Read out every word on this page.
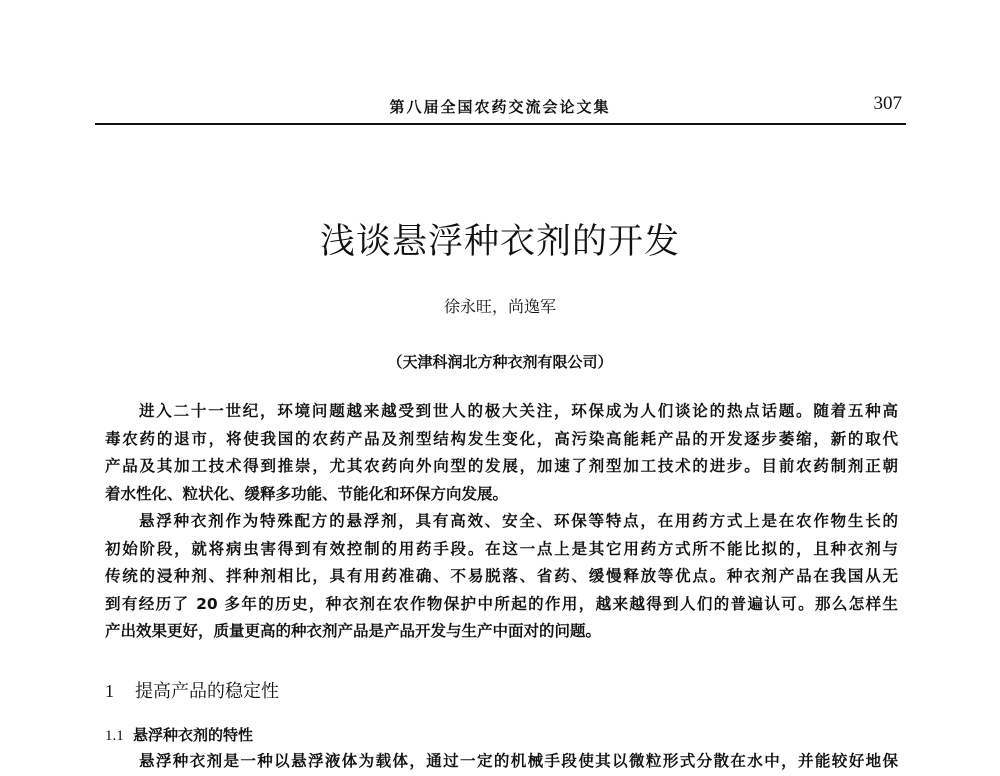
第八届全国农药交流会论文集	307
浅谈悬浮种衣剂的开发
徐永旺，尚逸军
（天津科润北方种衣剂有限公司）
进入二十一世纪，环境问题越来越受到世人的极大关注，环保成为人们谈论的热点话题。随着五种高
毒农药的退市，将使我国的农药产品及剂型结构发生变化，高污染高能耗产品的开发逐步萎缩，新的取代
产品及其加工技术得到推崇，尤其农药向外向型的发展，加速了剂型加工技术的进步。目前农药制剂正朝
着水性化、粒状化、缓释多功能、节能化和环保方向发展。
悬浮种衣剂作为特殊配方的悬浮剂，具有高效、安全、环保等特点，在用药方式上是在农作物生长的
初始阶段，就将病虫害得到有效控制的用药手段。在这一点上是其它用药方式所不能比拟的，且种衣剂与
传统的浸种剂、拌种剂相比，具有用药准确、不易脱落、省药、缓慢释放等优点。种衣剂产品在我国从无
到有经历了 20 多年的历史，种衣剂在农作物保护中所起的作用，越来越得到人们的普遍认可。那么怎样生
产出效果更好，质量更高的种衣剂产品是产品开发与生产中面对的问题。
1 提高产品的稳定性
1.1 悬浮种衣剂的特性
悬浮种衣剂是一种以悬浮液体为载体，通过一定的机械手段使其以微粒形式分散在水中，并能较好地保
